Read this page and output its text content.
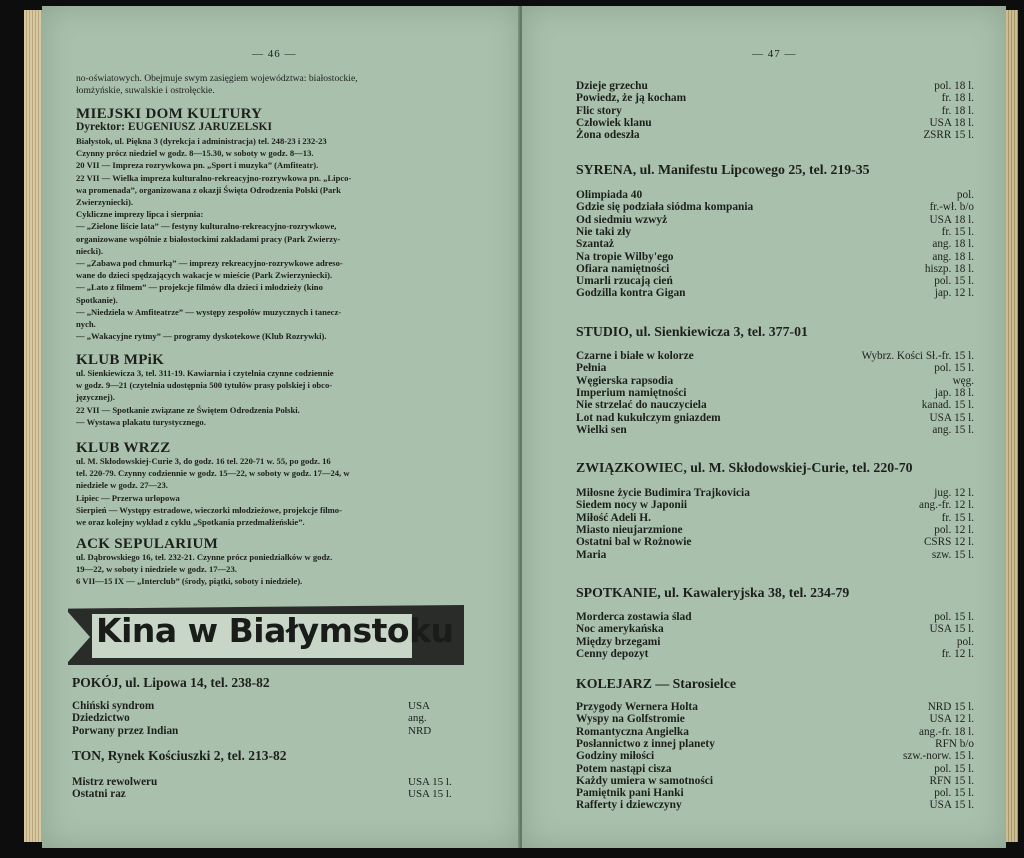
— 46 —
no-oświatowych. Obejmuje swym zasięgiem województwa: białostockie,
łomżyńskie, suwalskie i ostrołęckie.
MIEJSKI DOM KULTURY
Dyrektor: EUGENIUSZ JARUZELSKI
Białystok, ul. Piękna 3 (dyrekcja i administracja) tel. 248-23 i 232-23
Czynny prócz niedziel w godz. 8—15.30, w soboty w godz. 8—13.
20 VII — Impreza rozrywkowa pn. „Sport i muzyka” (Amfiteatr).
22 VII — Wielka impreza kulturalno-rekreacyjno-rozrywkowa pn. „Lipco-
wa promenada”, organizowana z okazji Święta Odrodzenia Polski (Park
Zwierzyniecki).
Cykliczne imprezy lipca i sierpnia:
— „Zielone liście lata” — festyny kulturalno-rekreacyjno-rozrywkowe,
organizowane wspólnie z białostockimi zakładami pracy (Park Zwierzy-
niecki).
— „Zabawa pod chmurką” — imprezy rekreacyjno-rozrywkowe adreso-
wane do dzieci spędzających wakacje w mieście (Park Zwierzyniecki).
— „Lato z filmem” — projekcje filmów dla dzieci i młodzieży (kino
Spotkanie).
— „Niedziela w Amfiteatrze” — występy zespołów muzycznych i tanecz-
nych.
— „Wakacyjne rytmy” — programy dyskotekowe (Klub Rozrywki).
KLUB MPiK
ul. Sienkiewicza 3, tel. 311-19. Kawiarnia i czytelnia czynne codziennie
w godz. 9—21 (czytelnia udostępnia 500 tytułów prasy polskiej i obco-
języcznej).
22 VII — Spotkanie związane ze Świętem Odrodzenia Polski.
— Wystawa plakatu turystycznego.
KLUB WRZZ
ul. M. Skłodowskiej-Curie 3, do godz. 16 tel. 220-71 w. 55, po godz. 16
tel. 220-79. Czynny codziennie w godz. 15—22, w soboty w godz. 17—24, w
niedziele w godz. 27—23.
Lipiec — Przerwa urlopowa
Sierpień — Występy estradowe, wieczorki młodzieżowe, projekcje filmo-
we oraz kolejny wykład z cyklu „Spotkania przedmałżeńskie”.
ACK SEPULARIUM
ul. Dąbrowskiego 16, tel. 232-21. Czynne prócz poniedziałków w godz.
19—22, w soboty i niedziele w godz. 17—23.
6 VII—15 IX — „Interclub” (środy, piątki, soboty i niedziele).
Kina w Białymstoku
POKÓJ, ul. Lipowa 14, tel. 238-82
Chiński syndrom	USA
Dziedzictwo	ang.
Porwany przez Indian	NRD
TON, Rynek Kościuszki 2, tel. 213-82
Mistrz rewolweru	USA 15 l.
Ostatni raz	USA 15 l.
— 47 —
Dzieje grzechu	pol. 18 l.
Powiedz, że ją kocham	fr. 18 l.
Flic story	fr. 18 l.
Człowiek klanu	USA 18 l.
Żona odeszła	ZSRR 15 l.
SYRENA, ul. Manifestu Lipcowego 25, tel. 219-35
Olimpiada 40	pol.
Gdzie się podziała siódma kompania	fr.-wł. b/o
Od siedmiu wzwyż	USA 18 l.
Nie taki zły	fr. 15 l.
Szantaż	ang. 18 l.
Na tropie Wilby'ego	ang. 18 l.
Ofiara namiętności	hiszp. 18 l.
Umarli rzucają cień	pol. 15 l.
Godzilla kontra Gigan	jap. 12 l.
STUDIO, ul. Sienkiewicza 3, tel. 377-01
Czarne i białe w kolorze	Wybrz. Kości Sł.-fr. 15 l.
Pełnia	pol. 15 l.
Węgierska rapsodia	węg.
Imperium namiętności	jap. 18 l.
Nie strzelać do nauczyciela	kanad. 15 l.
Lot nad kukułczym gniazdem	USA 15 l.
Wielki sen	ang. 15 l.
ZWIĄZKOWIEC, ul. M. Skłodowskiej-Curie, tel. 220-70
Miłosne życie Budimira Trajkovicia	jug. 12 l.
Siedem nocy w Japonii	ang.-fr. 12 l.
Miłość Adeli H.	fr. 15 l.
Miasto nieujarzmione	pol. 12 l.
Ostatni bal w Rożnowie	CSRS 12 l.
Maria	szw. 15 l.
SPOTKANIE, ul. Kawaleryjska 38, tel. 234-79
Morderca zostawia ślad	pol. 15 l.
Noc amerykańska	USA 15 l.
Między brzegami	pol.
Cenny depozyt	fr. 12 l.
KOLEJARZ — Starosielce
Przygody Wernera Holta	NRD 15 l.
Wyspy na Golfstromie	USA 12 l.
Romantyczna Angielka	ang.-fr. 18 l.
Posłannictwo z innej planety	RFN b/o
Godziny miłości	szw.-norw. 15 l.
Potem nastąpi cisza	pol. 15 l.
Każdy umiera w samotności	RFN 15 l.
Pamiętnik pani Hanki	pol. 15 l.
Rafferty i dziewczyny	USA 15 l.
